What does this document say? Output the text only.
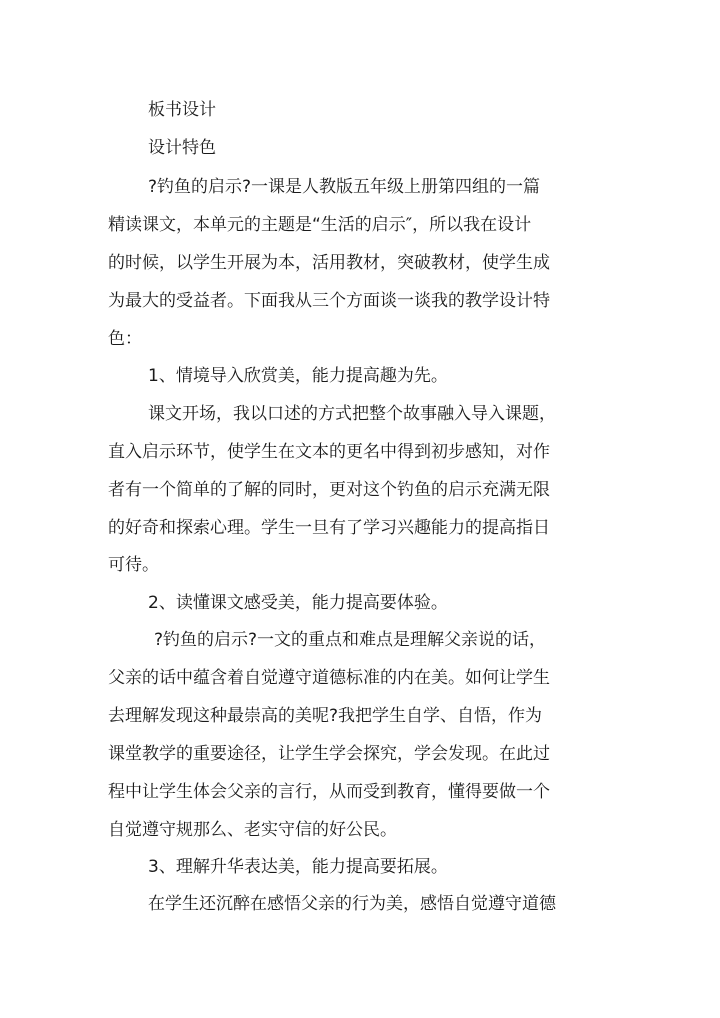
板书设计
设计特色
?钓鱼的启示?一课是人教版五年级上册第四组的一篇
精读课文，本单元的主题是“生活的启示″，所以我在设计
的时候，以学生开展为本，活用教材，突破教材，使学生成
为最大的受益者。下面我从三个方面谈一谈我的教学设计特
色：
1、情境导入欣赏美，能力提高趣为先。
课文开场，我以口述的方式把整个故事融入导入课题，
直入启示环节，使学生在文本的更名中得到初步感知，对作
者有一个简单的了解的同时，更对这个钓鱼的启示充满无限
的好奇和探索心理。学生一旦有了学习兴趣能力的提高指日
可待。
2、读懂课文感受美，能力提高要体验。
?钓鱼的启示?一文的重点和难点是理解父亲说的话，
父亲的话中蕴含着自觉遵守道德标准的内在美。如何让学生
去理解发现这种最崇高的美呢?我把学生自学、自悟，作为
课堂教学的重要途径，让学生学会探究，学会发现。在此过
程中让学生体会父亲的言行，从而受到教育，懂得要做一个
自觉遵守规那么、老实守信的好公民。
3、理解升华表达美，能力提高要拓展。
在学生还沉醉在感悟父亲的行为美，感悟自觉遵守道德
